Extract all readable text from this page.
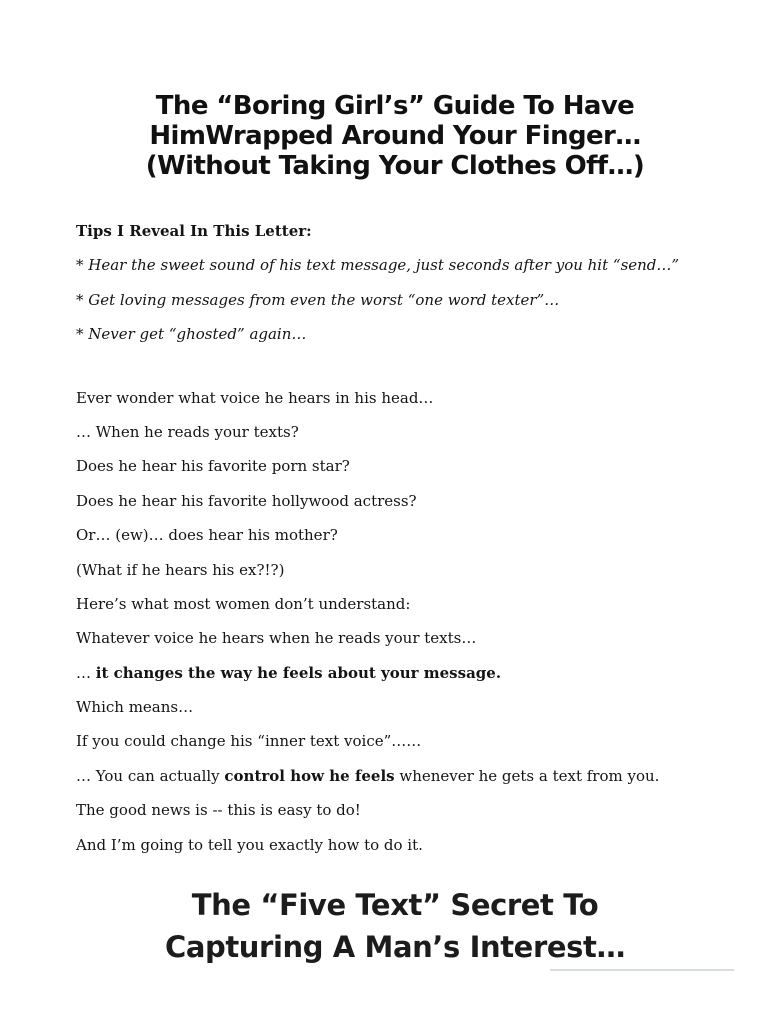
The “Boring Girl’s” Guide To Have
HimWrapped Around Your Finger…
(Without Taking Your Clothes Off…)

Tips I Reveal In This Letter:

* Hear the sweet sound of his text message, just seconds after you hit “send…”

* Get loving messages from even the worst “one word texter”…

* Never get “ghosted” again…

Ever wonder what voice he hears in his head…

… When he reads your texts?

Does he hear his favorite porn star?

Does he hear his favorite hollywood actress?

Or… (ew)… does hear his mother?

(What if he hears his ex?!?)

Here’s what most women don’t understand:

Whatever voice he hears when he reads your texts…

… it changes the way he feels about your message.

Which means…

If you could change his “inner text voice”……

… You can actually control how he feels whenever he gets a text from you.

The good news is -- this is easy to do!

And I’m going to tell you exactly how to do it.

The “Five Text” Secret To
Capturing A Man’s Interest…
